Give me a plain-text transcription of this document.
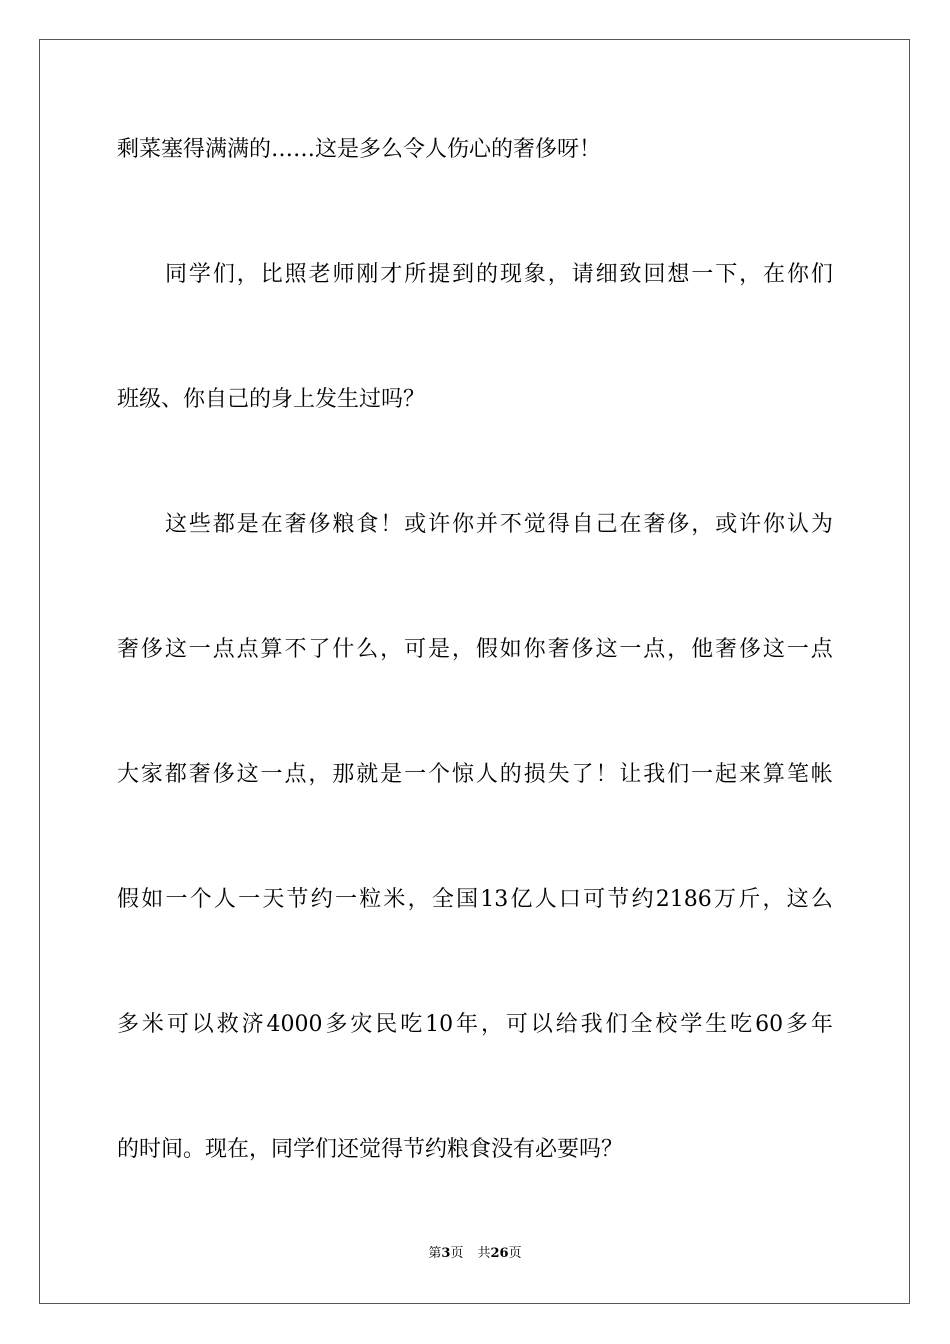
剩菜塞得满满的……这是多么令人伤心的奢侈呀！
同 学 们 ， 比 照 老 师 刚 才 所 提 到 的 现 象 ， 请 细 致 回 想 一 下 ， 在 你 们
班级、你自己的身上发生过吗？
这 些 都 是 在 奢 侈 粮 食 ！ 或 许 你 并 不 觉 得 自 己 在 奢 侈 ， 或 许 你 认 为
奢 侈 这 一 点 点 算 不 了 什 么 ， 可 是 ， 假 如 你 奢 侈 这 一 点 ， 他 奢 侈 这 一 点
大 家 都 奢 侈 这 一 点 ， 那 就 是 一 个 惊 人 的 损 失 了 ！ 让 我 们 一 起 来 算 笔 帐
假 如 一 个 人 一 天 节 约 一 粒 米 ， 全 国 13 亿 人 口 可 节 约 2186 万 斤 ， 这 么
多 米 可 以 救 济 4000 多 灾 民 吃 10 年 ， 可 以 给 我 们 全 校 学 生 吃 60 多 年
的时间。现在，同学们还觉得节约粮食没有必要吗？
第3页 共26页
